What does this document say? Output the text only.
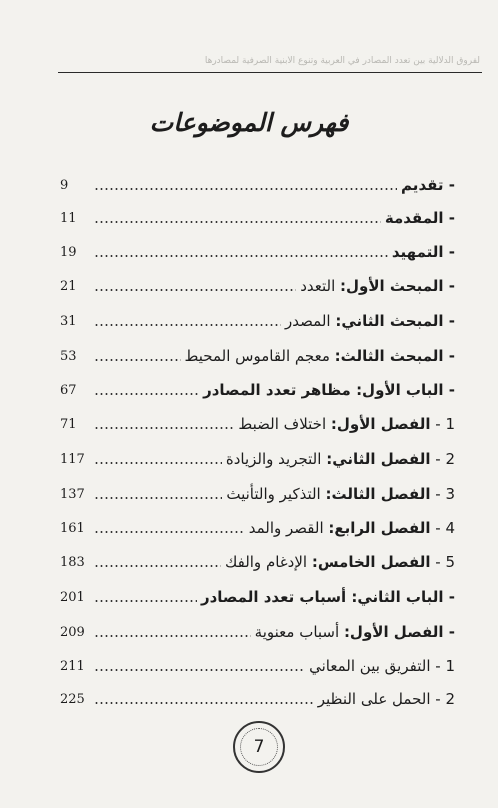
لفروق الدلالية بين تعدد المصادر في العربية وتنوع الأبنية الصرفية لمصادرها
فهرس الموضوعات
9	- تقديم
11	- المقدمة
19	- التمهيد
21	- المبحث الأول: التعدد
31	- المبحث الثاني: المصدر
53	- المبحث الثالث: معجم القاموس المحيط
67	- الباب الأول: مظاهر تعدد المصادر
71	1 - الفصل الأول: اختلاف الضبط
117	2 - الفصل الثاني: التجريد والزيادة
137	3 - الفصل الثالث: التذكير والتأنيث
161	4 - الفصل الرابع: القصر والمد
183	5 - الفصل الخامس: الإدغام والفك
201	- الباب الثاني: أسباب تعدد المصادر
209	- الفصل الأول: أسباب معنوية
211	1 - التفريق بين المعاني
225	2 - الحمل على النظير
7
